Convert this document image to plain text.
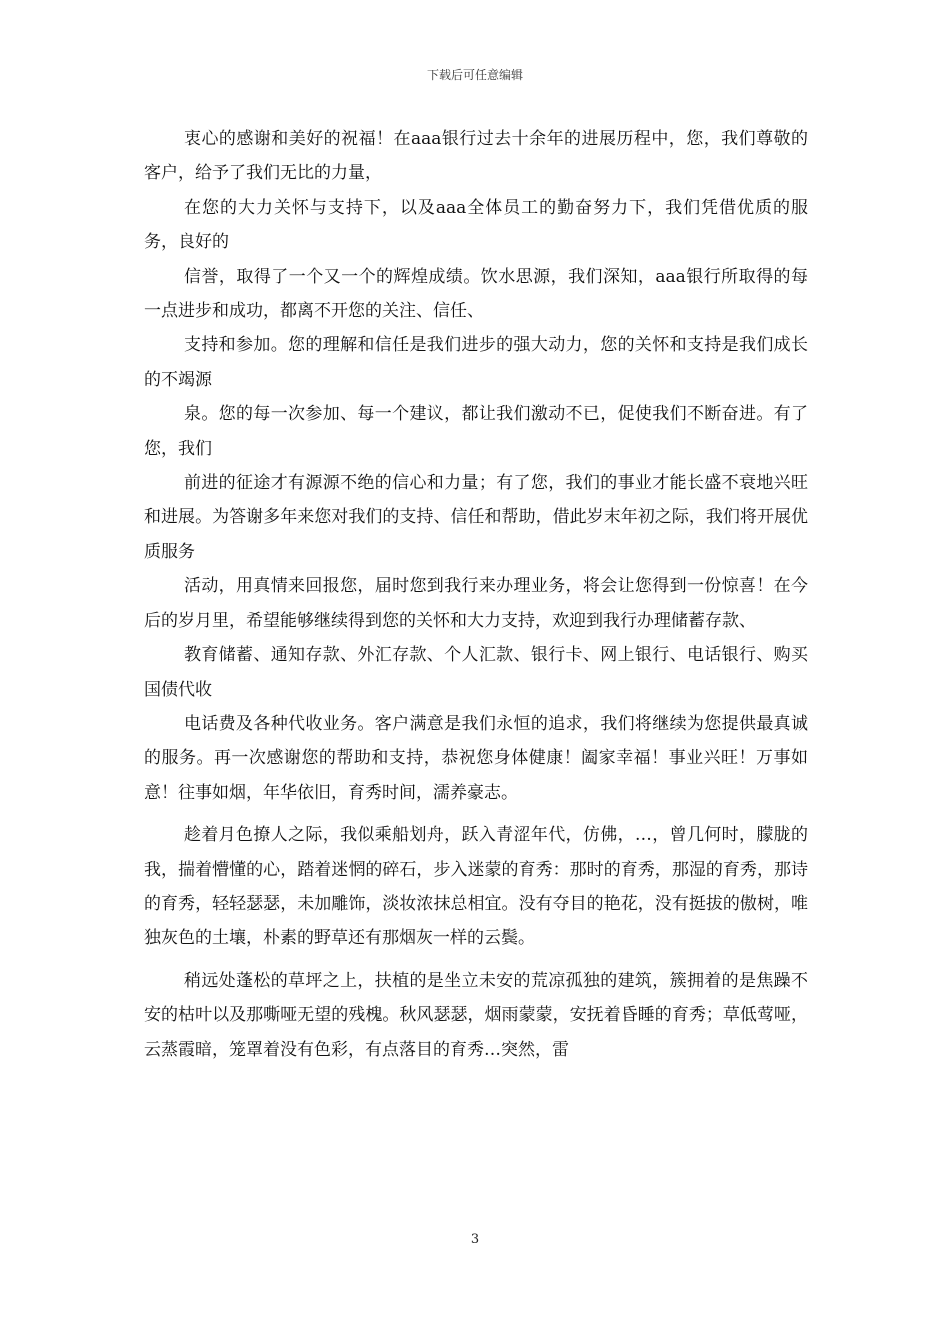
下载后可任意编辑

衷心的感谢和美好的祝福！在aaa银行过去十余年的进展历程中，您，我们尊敬的客户，给予了我们无比的力量，

在您的大力关怀与支持下，以及aaa全体员工的勤奋努力下，我们凭借优质的服务，良好的

信誉，取得了一个又一个的辉煌成绩。饮水思源，我们深知，aaa银行所取得的每一点进步和成功，都离不开您的关注、信任、

支持和参加。您的理解和信任是我们进步的强大动力，您的关怀和支持是我们成长的不竭源

泉。您的每一次参加、每一个建议，都让我们激动不已，促使我们不断奋进。有了您，我们

前进的征途才有源源不绝的信心和力量；有了您，我们的事业才能长盛不衰地兴旺和进展。为答谢多年来您对我们的支持、信任和帮助，借此岁末年初之际，我们将开展优质服务

活动，用真情来回报您，届时您到我行来办理业务，将会让您得到一份惊喜！在今后的岁月里，希望能够继续得到您的关怀和大力支持，欢迎到我行办理储蓄存款、

教育储蓄、通知存款、外汇存款、个人汇款、银行卡、网上银行、电话银行、购买国债代收

电话费及各种代收业务。客户满意是我们永恒的追求，我们将继续为您提供最真诚的服务。再一次感谢您的帮助和支持，恭祝您身体健康！阖家幸福！事业兴旺！万事如意！往事如烟，年华依旧，育秀时间，濡养豪志。

趁着月色撩人之际，我似乘船划舟，跃入青涩年代，仿佛，…，曾几何时，朦胧的我，揣着懵懂的心，踏着迷惘的碎石，步入迷蒙的育秀：那时的育秀，那湿的育秀，那诗的育秀，轻轻瑟瑟，未加雕饰，淡妆浓抹总相宜。没有夺目的艳花，没有挺拔的傲树，唯独灰色的土壤，朴素的野草还有那烟灰一样的云鬓。

稍远处蓬松的草坪之上，扶植的是坐立未安的荒凉孤独的建筑，簇拥着的是焦躁不安的枯叶以及那嘶哑无望的残槐。秋风瑟瑟，烟雨蒙蒙，安抚着昏睡的育秀；草低莺哑，云蒸霞暗，笼罩着没有色彩，有点落目的育秀…突然，雷

3
